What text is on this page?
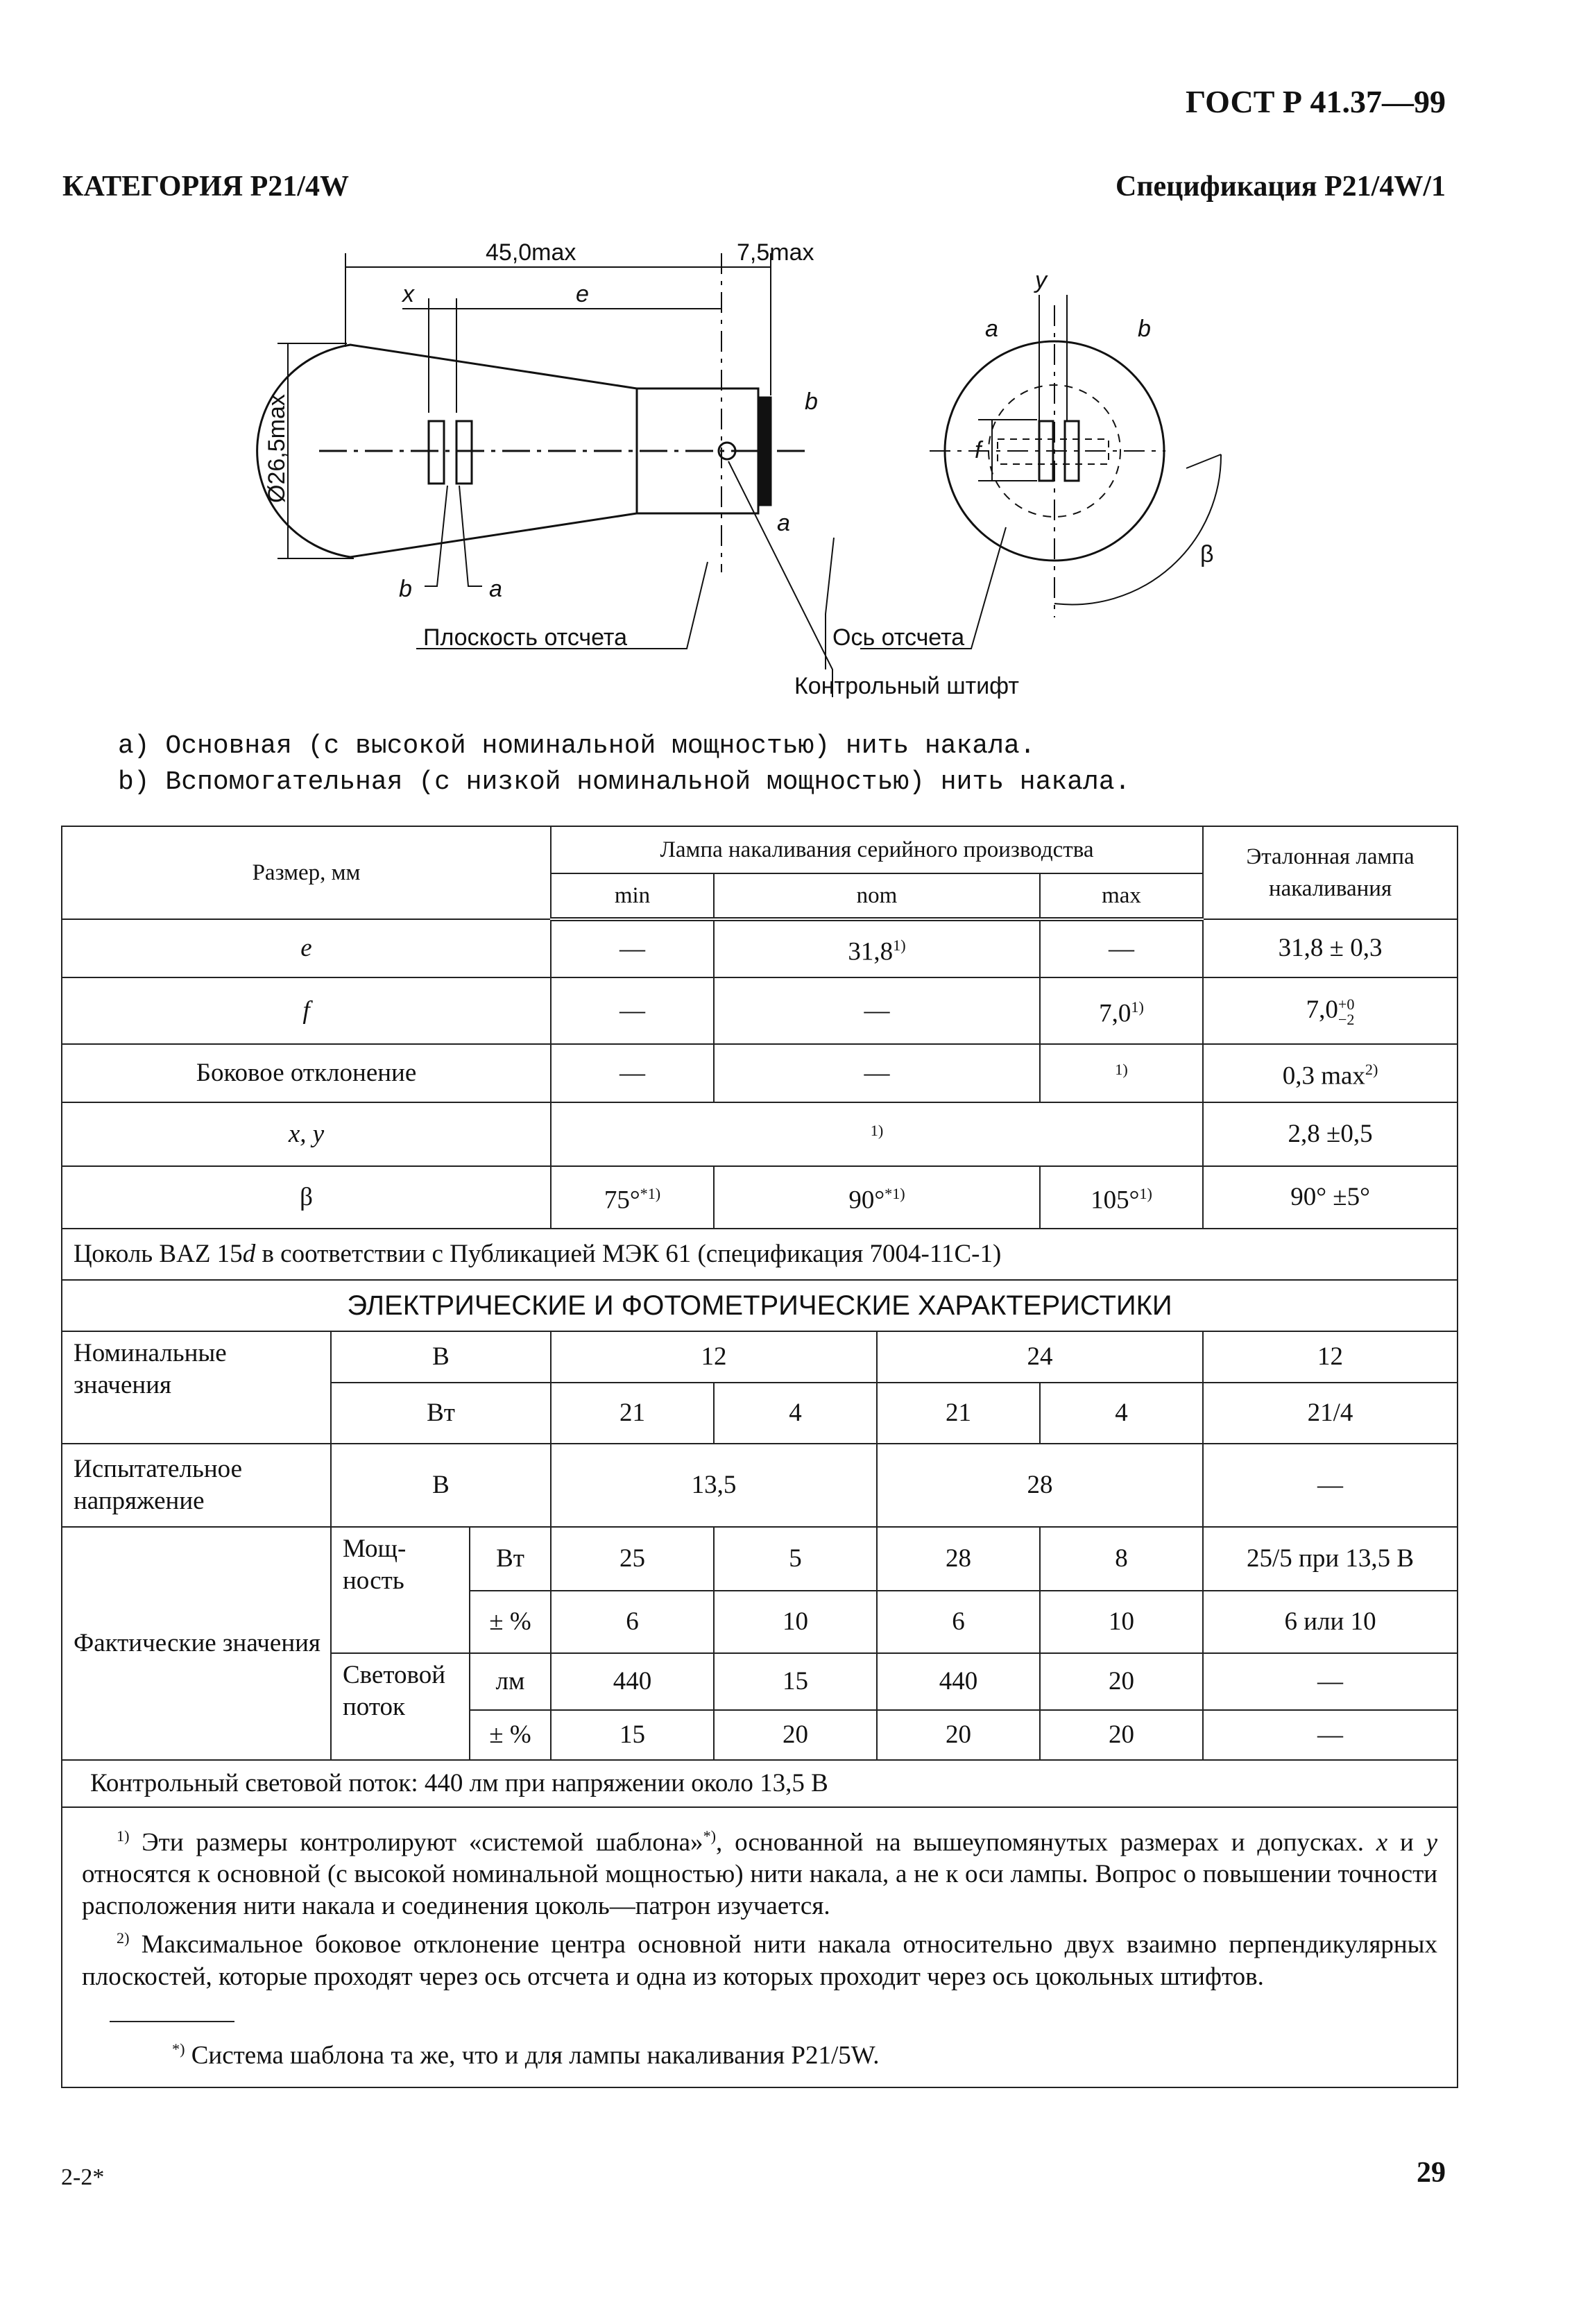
ГОСТ Р 41.37—99
КАТЕГОРИЯ P21/4W	Спецификация P21/4W/1
45,0max	7,5max
x	e
Ø26,5max
b	a
b
a
Плоскость отсчета	Ось отсчета
Контрольный штифт
y
a	b
f
β
a) Основная (с высокой номинальной мощностью) нить накала.
b) Вспомогательная (с низкой номинальной мощностью) нить накала.
Размер, мм			Лампа накаливания серийного производства				Эталонная лампа накаливания
			min	nom		max	
e			—	31,8$^{1)}$		—	31,8 ± 0,3
f			—	—		7,0$^{1)}$	7,0 +0
−2

Боковое отклонение			—	—		$^{1)}$	0,3 $\max^{2)}$
x, y			$^{1)}$				2,8 ±0,5
β			75°$^{*1)}$	90°$^{*1)}$		105°$^{1)}$	90° ±5°
Цоколь BAZ 15d в соответствии с Публикацией МЭК 61 (спецификация 7004-11С-1)							
ЭЛЕКТРИЧЕСКИЕ И ФОТОМЕТРИЧЕСКИЕ ХАРАКТЕРИСТИКИ							
Номинальные значения	В		12		24		12
	Вт		21	4	21	4	21/4
Испытательное напряжение	В		13,5		28		—
Фактические значения	Мощ- ность	Вт	25	5	28	8	25/5 при 13,5 В
		± %	6	10	6	10	6 или 10
	Световой поток	лм	440	15	440	20	—
		± %	15	20	20	20	—
Контрольный световой поток: 440 лм при напряжении около 13,5 В							

$^{1)}$ Эти размеры контролируют «системой шаблона»*), основанной на вышеупомянутых размерах и допусках. x и y относятся к основной (с высокой номинальной мощностью) нити накала, а не к оси лампы. Вопрос о повышении точности расположения нити накала и соединения цоколь—патрон изучается.

$^{2)}$ Максимальное боковое отклонение центра основной нити накала относительно двух взаимно перпендикулярных плоскостей, которые проходят через ось отсчета и одна из которых проходит через ось цокольных штифтов.

*) Система шаблона та же, что и для лампы накаливания P21/5W.							
2-2*	29
